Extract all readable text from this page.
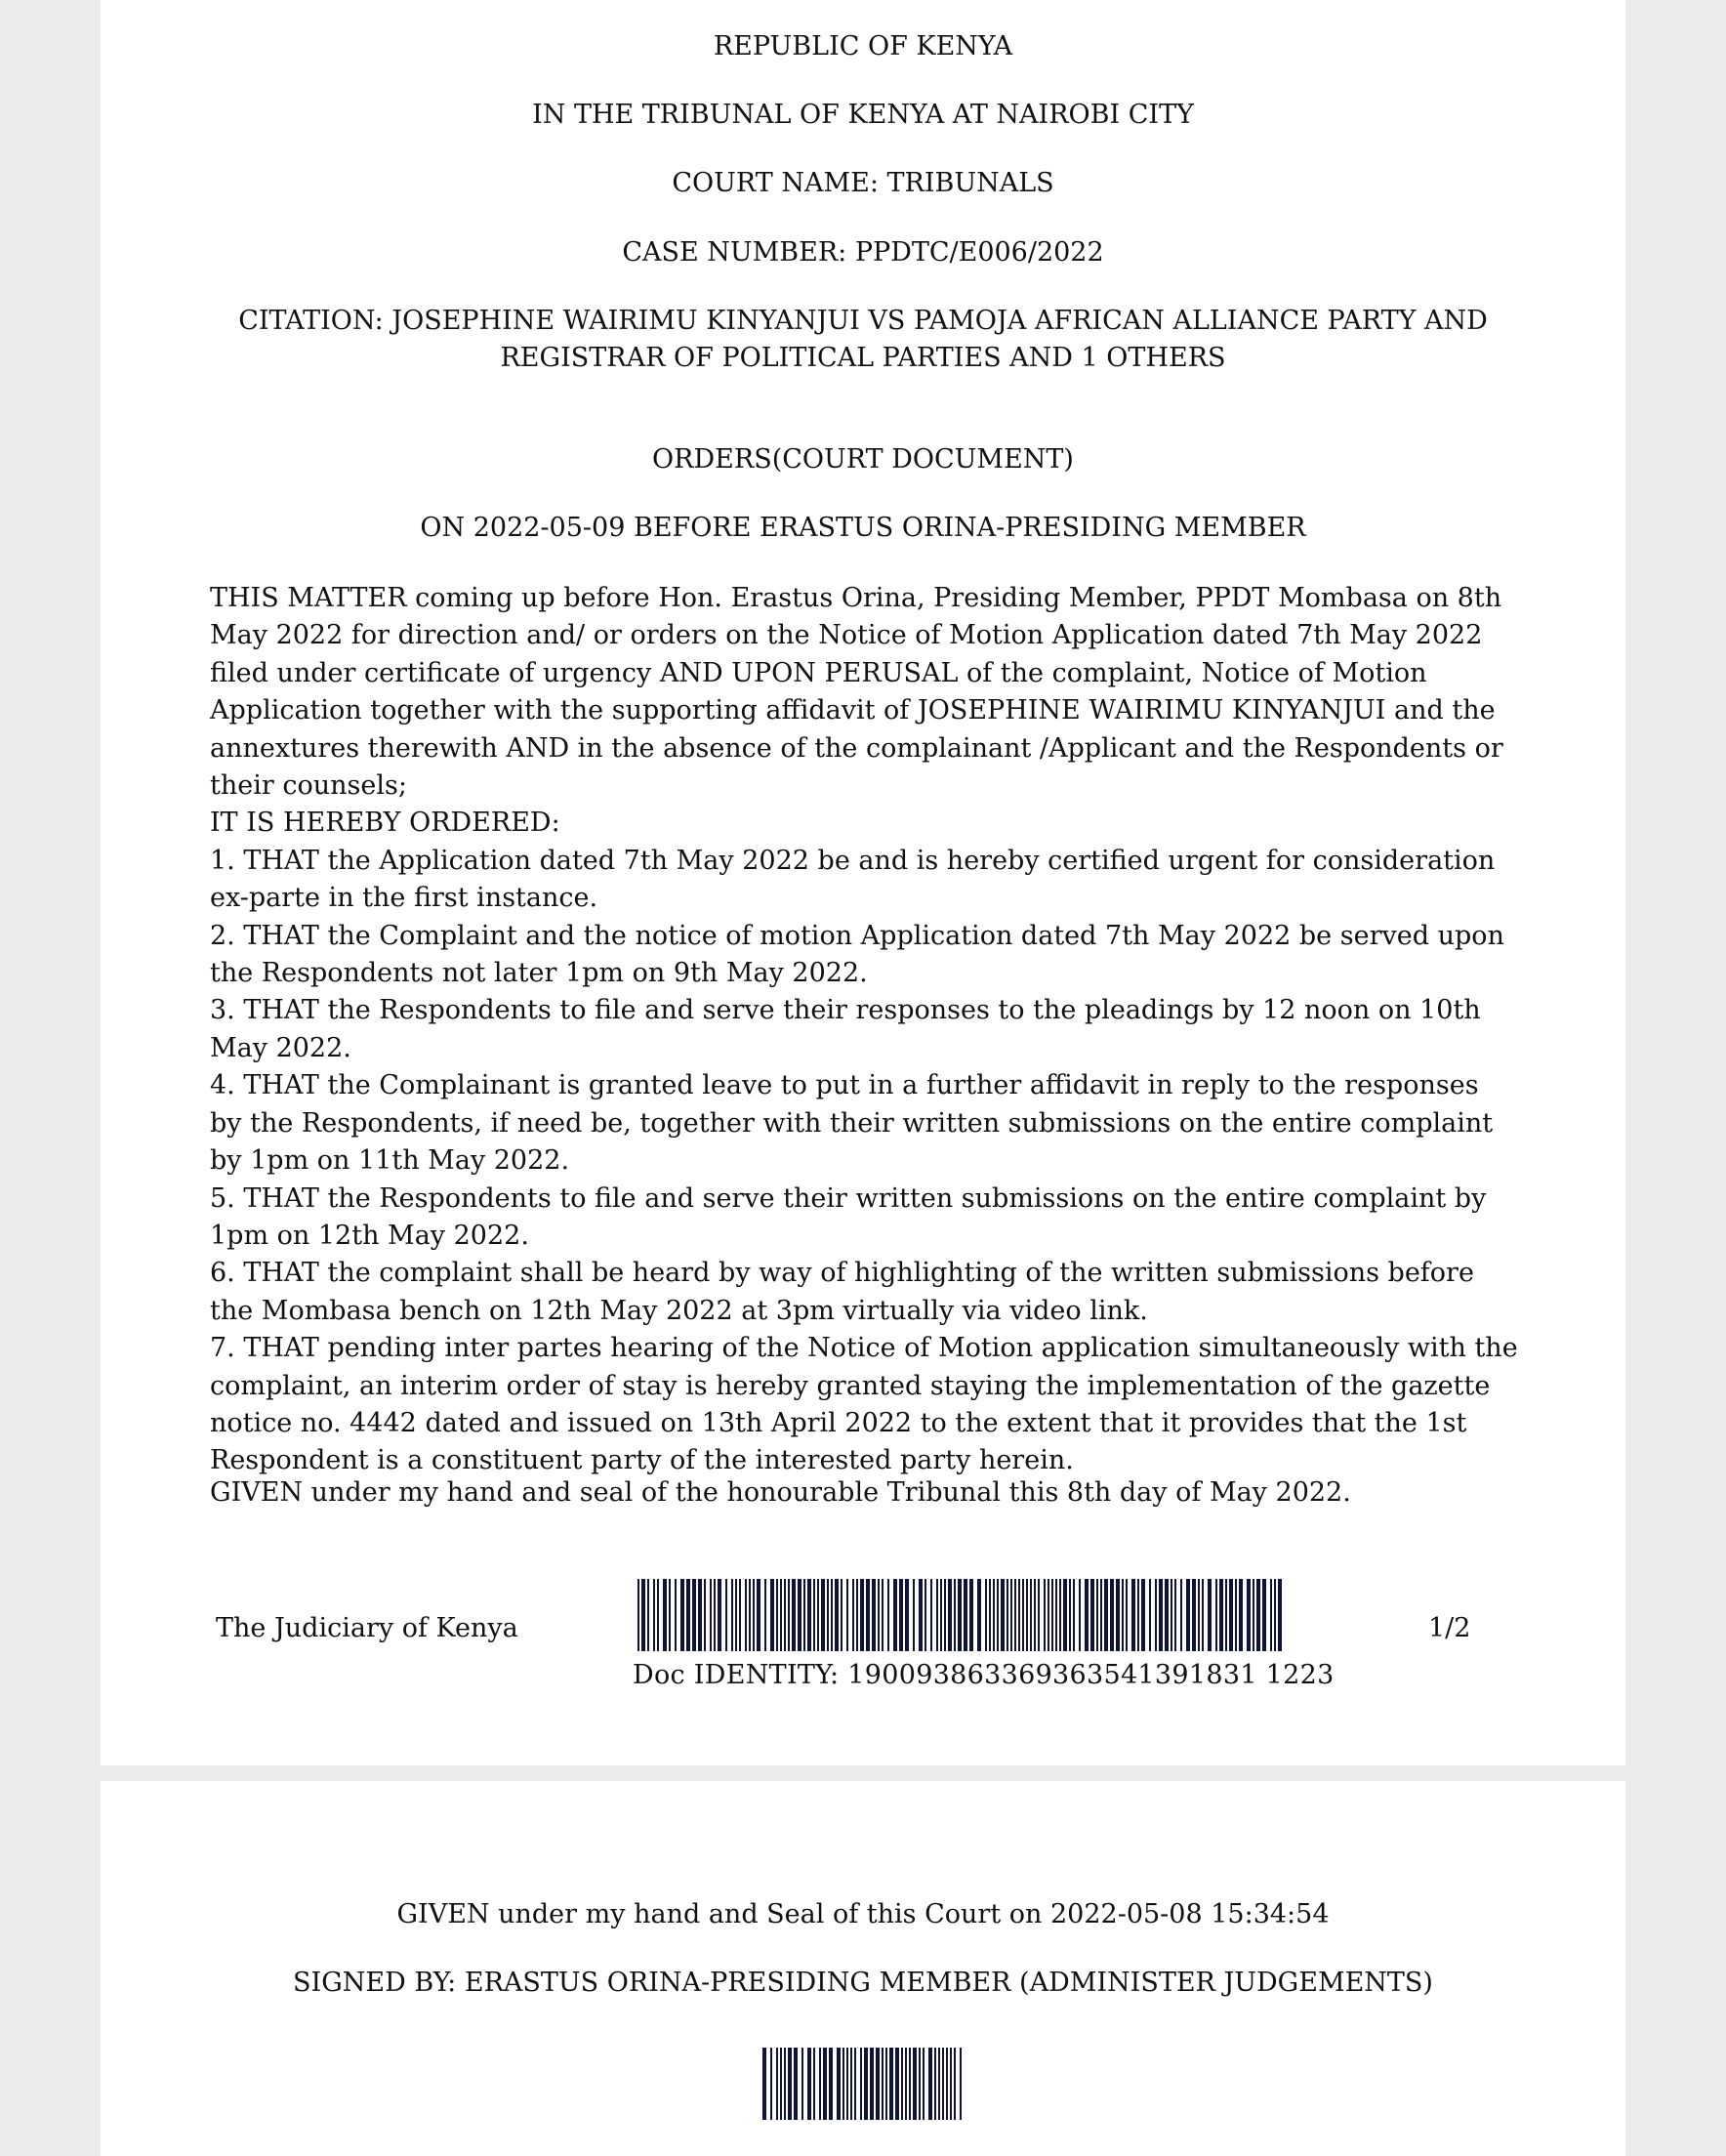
REPUBLIC OF KENYA
IN THE TRIBUNAL OF KENYA AT NAIROBI CITY
COURT NAME: TRIBUNALS
CASE NUMBER: PPDTC/E006/2022
CITATION: JOSEPHINE WAIRIMU KINYANJUI VS PAMOJA AFRICAN ALLIANCE PARTY AND
REGISTRAR OF POLITICAL PARTIES AND 1 OTHERS
ORDERS(COURT DOCUMENT)
ON 2022-05-09 BEFORE ERASTUS ORINA-PRESIDING MEMBER

THIS MATTER coming up before Hon. Erastus Orina, Presiding Member, PPDT Mombasa on 8th May 2022 for direction and/ or orders on the Notice of Motion Application dated 7th May 2022 filed under certificate of urgency AND UPON PERUSAL of the complaint, Notice of Motion Application together with the supporting affidavit of JOSEPHINE WAIRIMU KINYANJUI and the annextures therewith AND in the absence of the complainant /Applicant and the Respondents or their counsels;

IT IS HEREBY ORDERED:

1. THAT the Application dated 7th May 2022 be and is hereby certified urgent for consideration ex-parte in the first instance.

2. THAT the Complaint and the notice of motion Application dated 7th May 2022 be served upon the Respondents not later 1pm on 9th May 2022.

3. THAT the Respondents to file and serve their responses to the pleadings by 12 noon on 10th May 2022.

4. THAT the Complainant is granted leave to put in a further affidavit in reply to the responses by the Respondents, if need be, together with their written submissions on the entire complaint by 1pm on 11th May 2022.

5. THAT the Respondents to file and serve their written submissions on the entire complaint by 1pm on 12th May 2022.

6. THAT the complaint shall be heard by way of highlighting of the written submissions before the Mombasa bench on 12th May 2022 at 3pm virtually via video link.

7. THAT pending inter partes hearing of the Notice of Motion application simultaneously with the complaint, an interim order of stay is hereby granted staying the implementation of the gazette notice no. 4442 dated and issued on 13th April 2022 to the extent that it provides that the 1st Respondent is a constituent party of the interested party herein.

GIVEN under my hand and seal of the honourable Tribunal this 8th day of May 2022.
The Judiciary of Kenya	1/2
Doc IDENTITY: 190093863369363541391831 1223
GIVEN under my hand and Seal of this Court on 2022-05-08 15:34:54
SIGNED BY: ERASTUS ORINA-PRESIDING MEMBER (ADMINISTER JUDGEMENTS)
